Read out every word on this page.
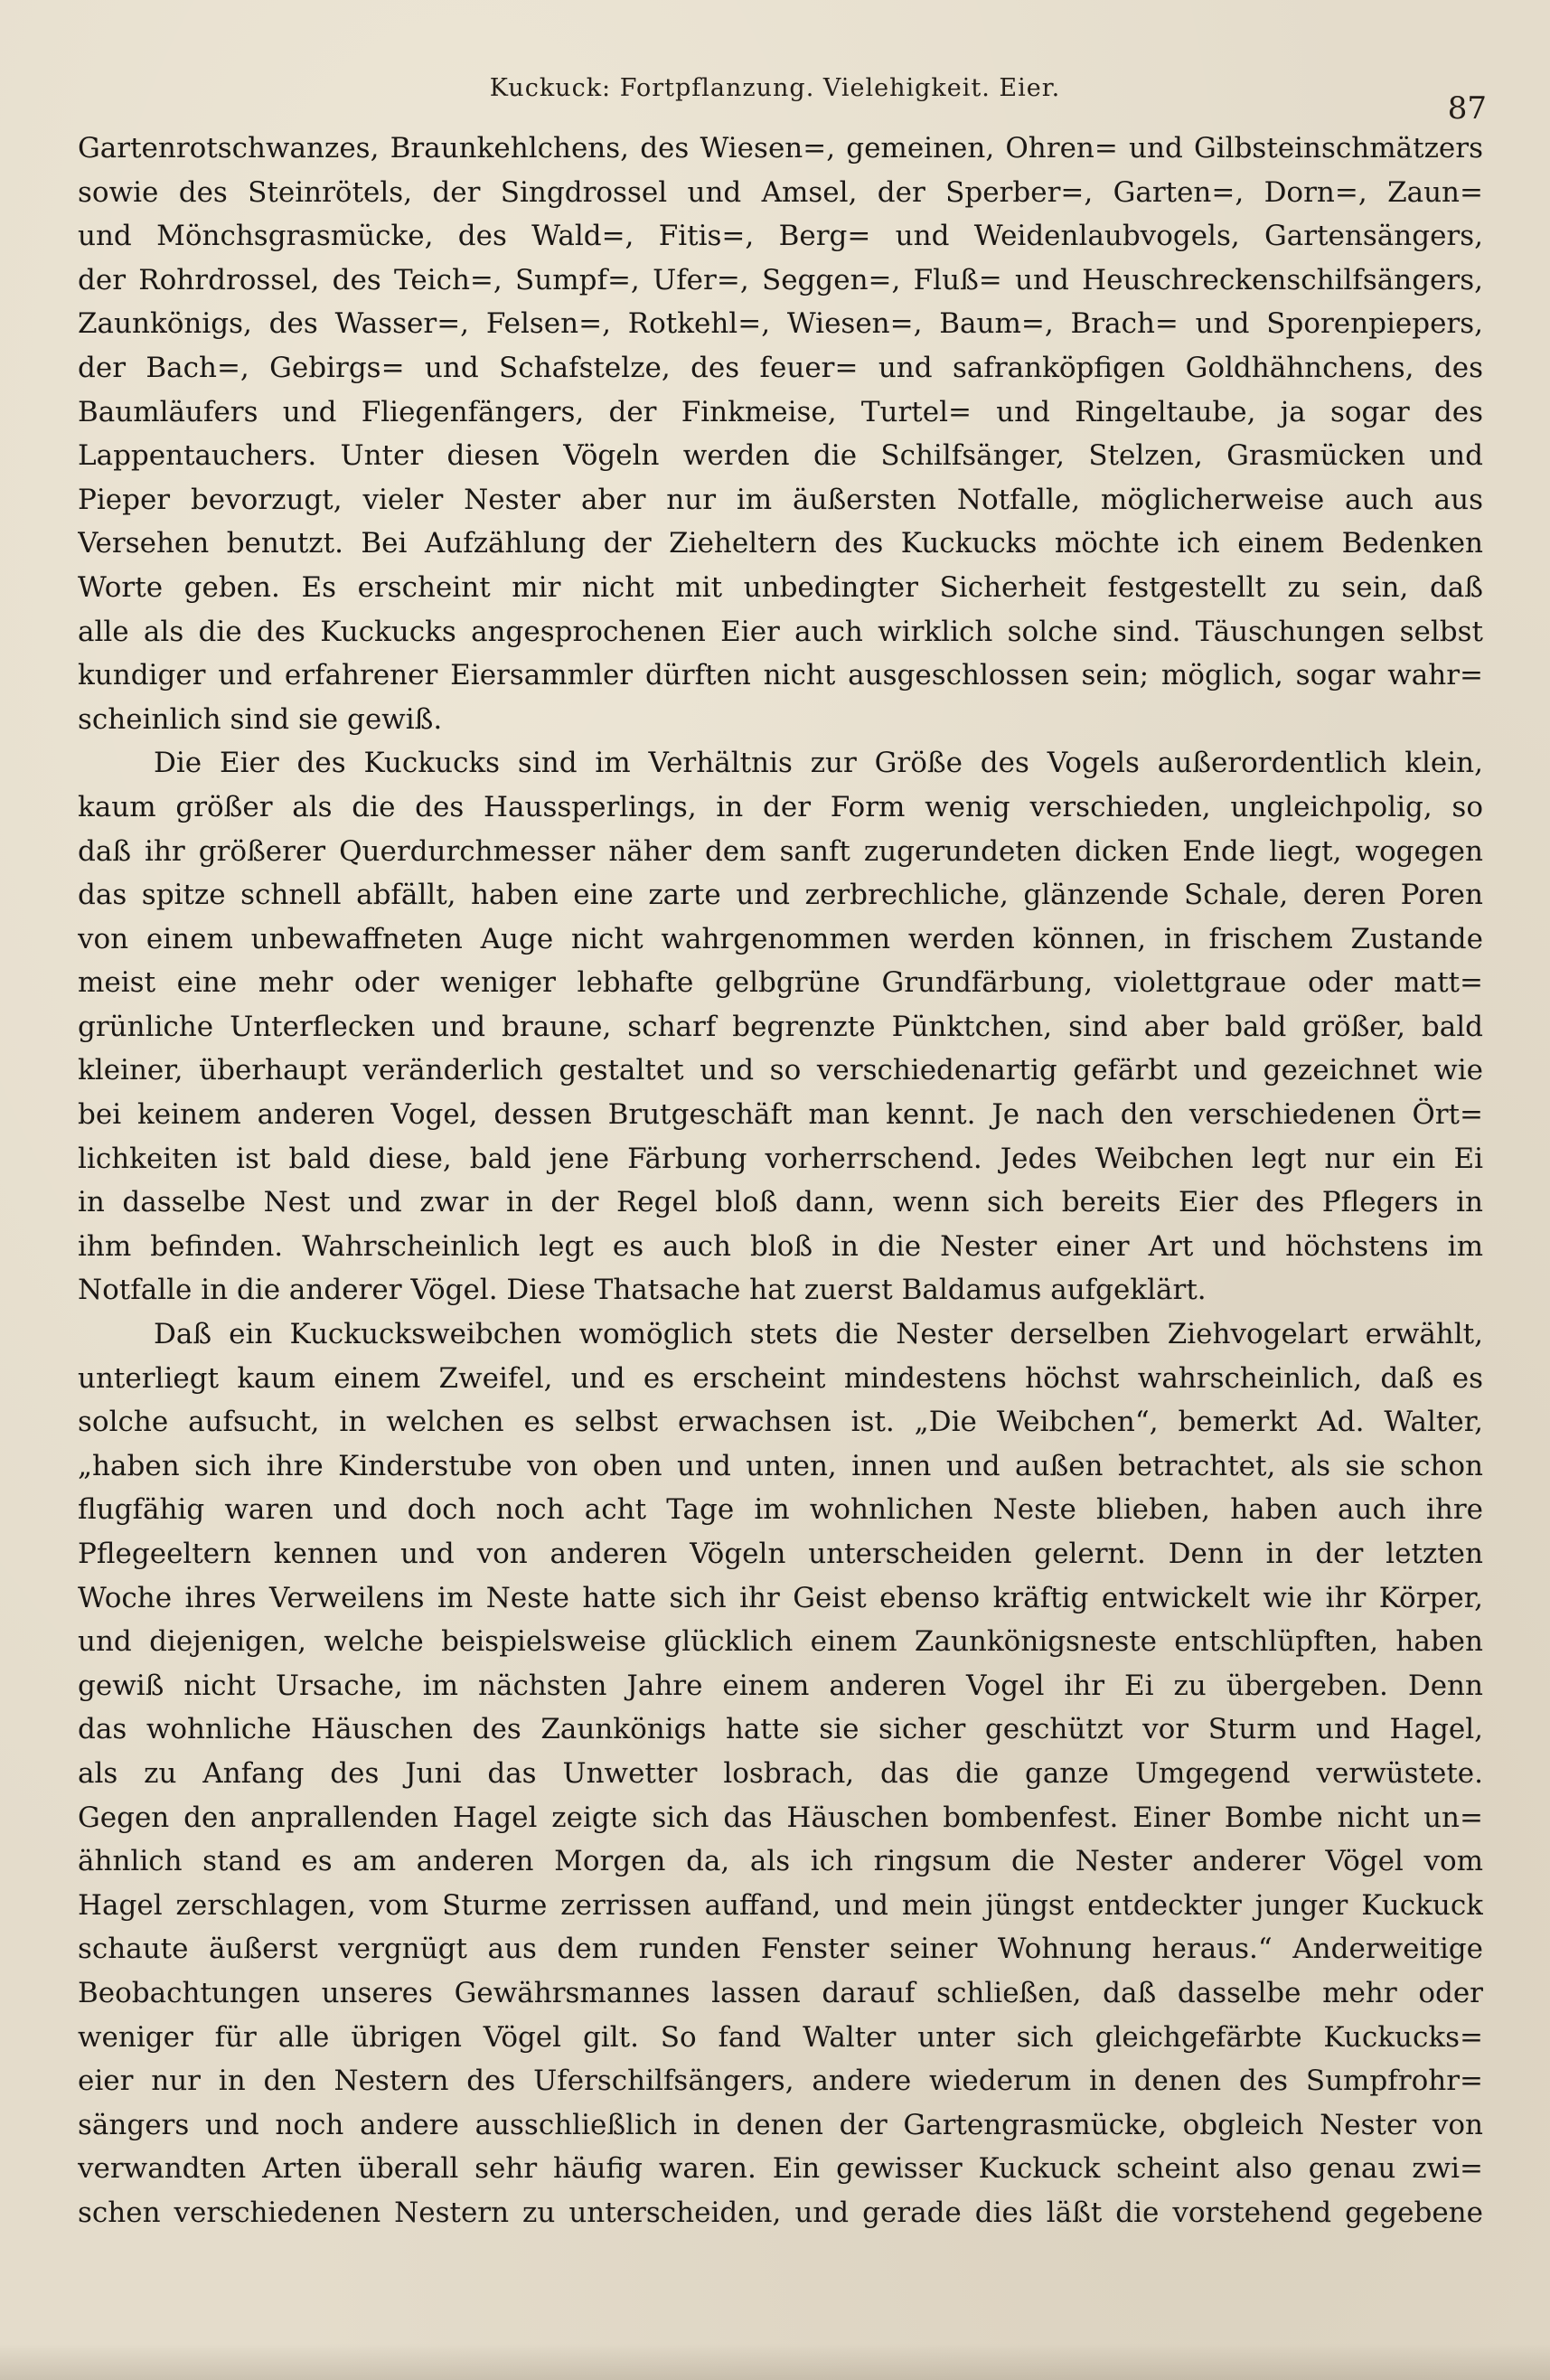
Kuckuck: Fortpflanzung. Vielehigkeit. Eier.
87

Gartenrotschwanzes, Braunkehlchens, des Wiesen=, gemeinen, Ohren= und Gilbsteinschmätzers
sowie des Steinrötels, der Singdrossel und Amsel, der Sperber=, Garten=, Dorn=, Zaun=
und Mönchsgrasmücke, des Wald=, Fitis=, Berg= und Weidenlaubvogels, Gartensängers,
der Rohrdrossel, des Teich=, Sumpf=, Ufer=, Seggen=, Fluß= und Heuschreckenschilfsängers,
Zaunkönigs, des Wasser=, Felsen=, Rotkehl=, Wiesen=, Baum=, Brach= und Sporenpiepers,
der Bach=, Gebirgs= und Schafstelze, des feuer= und safranköpfigen Goldhähnchens, des
Baumläufers und Fliegenfängers, der Finkmeise, Turtel= und Ringeltaube, ja sogar des
Lappentauchers. Unter diesen Vögeln werden die Schilfsänger, Stelzen, Grasmücken und
Pieper bevorzugt, vieler Nester aber nur im äußersten Notfalle, möglicherweise auch aus
Versehen benutzt. Bei Aufzählung der Zieheltern des Kuckucks möchte ich einem Bedenken
Worte geben. Es erscheint mir nicht mit unbedingter Sicherheit festgestellt zu sein, daß
alle als die des Kuckucks angesprochenen Eier auch wirklich solche sind. Täuschungen selbst
kundiger und erfahrener Eiersammler dürften nicht ausgeschlossen sein; möglich, sogar wahr=
scheinlich sind sie gewiß.

Die Eier des Kuckucks sind im Verhältnis zur Größe des Vogels außerordentlich klein,
kaum größer als die des Haussperlings, in der Form wenig verschieden, ungleichpolig, so
daß ihr größerer Querdurchmesser näher dem sanft zugerundeten dicken Ende liegt, wogegen
das spitze schnell abfällt, haben eine zarte und zerbrechliche, glänzende Schale, deren Poren
von einem unbewaffneten Auge nicht wahrgenommen werden können, in frischem Zustande
meist eine mehr oder weniger lebhafte gelbgrüne Grundfärbung, violettgraue oder matt=
grünliche Unterflecken und braune, scharf begrenzte Pünktchen, sind aber bald größer, bald
kleiner, überhaupt veränderlich gestaltet und so verschiedenartig gefärbt und gezeichnet wie
bei keinem anderen Vogel, dessen Brutgeschäft man kennt. Je nach den verschiedenen Ört=
lichkeiten ist bald diese, bald jene Färbung vorherrschend. Jedes Weibchen legt nur ein Ei
in dasselbe Nest und zwar in der Regel bloß dann, wenn sich bereits Eier des Pflegers in
ihm befinden. Wahrscheinlich legt es auch bloß in die Nester einer Art und höchstens im
Notfalle in die anderer Vögel. Diese Thatsache hat zuerst Baldamus aufgeklärt.

Daß ein Kuckucksweibchen womöglich stets die Nester derselben Ziehvogelart erwählt,
unterliegt kaum einem Zweifel, und es erscheint mindestens höchst wahrscheinlich, daß es
solche aufsucht, in welchen es selbst erwachsen ist. „Die Weibchen“, bemerkt Ad. Walter,
„haben sich ihre Kinderstube von oben und unten, innen und außen betrachtet, als sie schon
flugfähig waren und doch noch acht Tage im wohnlichen Neste blieben, haben auch ihre
Pflegeeltern kennen und von anderen Vögeln unterscheiden gelernt. Denn in der letzten
Woche ihres Verweilens im Neste hatte sich ihr Geist ebenso kräftig entwickelt wie ihr Körper,
und diejenigen, welche beispielsweise glücklich einem Zaunkönigsneste entschlüpften, haben
gewiß nicht Ursache, im nächsten Jahre einem anderen Vogel ihr Ei zu übergeben. Denn
das wohnliche Häuschen des Zaunkönigs hatte sie sicher geschützt vor Sturm und Hagel,
als zu Anfang des Juni das Unwetter losbrach, das die ganze Umgegend verwüstete.
Gegen den anprallenden Hagel zeigte sich das Häuschen bombenfest. Einer Bombe nicht un=
ähnlich stand es am anderen Morgen da, als ich ringsum die Nester anderer Vögel vom
Hagel zerschlagen, vom Sturme zerrissen auffand, und mein jüngst entdeckter junger Kuckuck
schaute äußerst vergnügt aus dem runden Fenster seiner Wohnung heraus.“ Anderweitige
Beobachtungen unseres Gewährsmannes lassen darauf schließen, daß dasselbe mehr oder
weniger für alle übrigen Vögel gilt. So fand Walter unter sich gleichgefärbte Kuckucks=
eier nur in den Nestern des Uferschilfsängers, andere wiederum in denen des Sumpfrohr=
sängers und noch andere ausschließlich in denen der Gartengrasmücke, obgleich Nester von
verwandten Arten überall sehr häufig waren. Ein gewisser Kuckuck scheint also genau zwi=
schen verschiedenen Nestern zu unterscheiden, und gerade dies läßt die vorstehend gegebene
